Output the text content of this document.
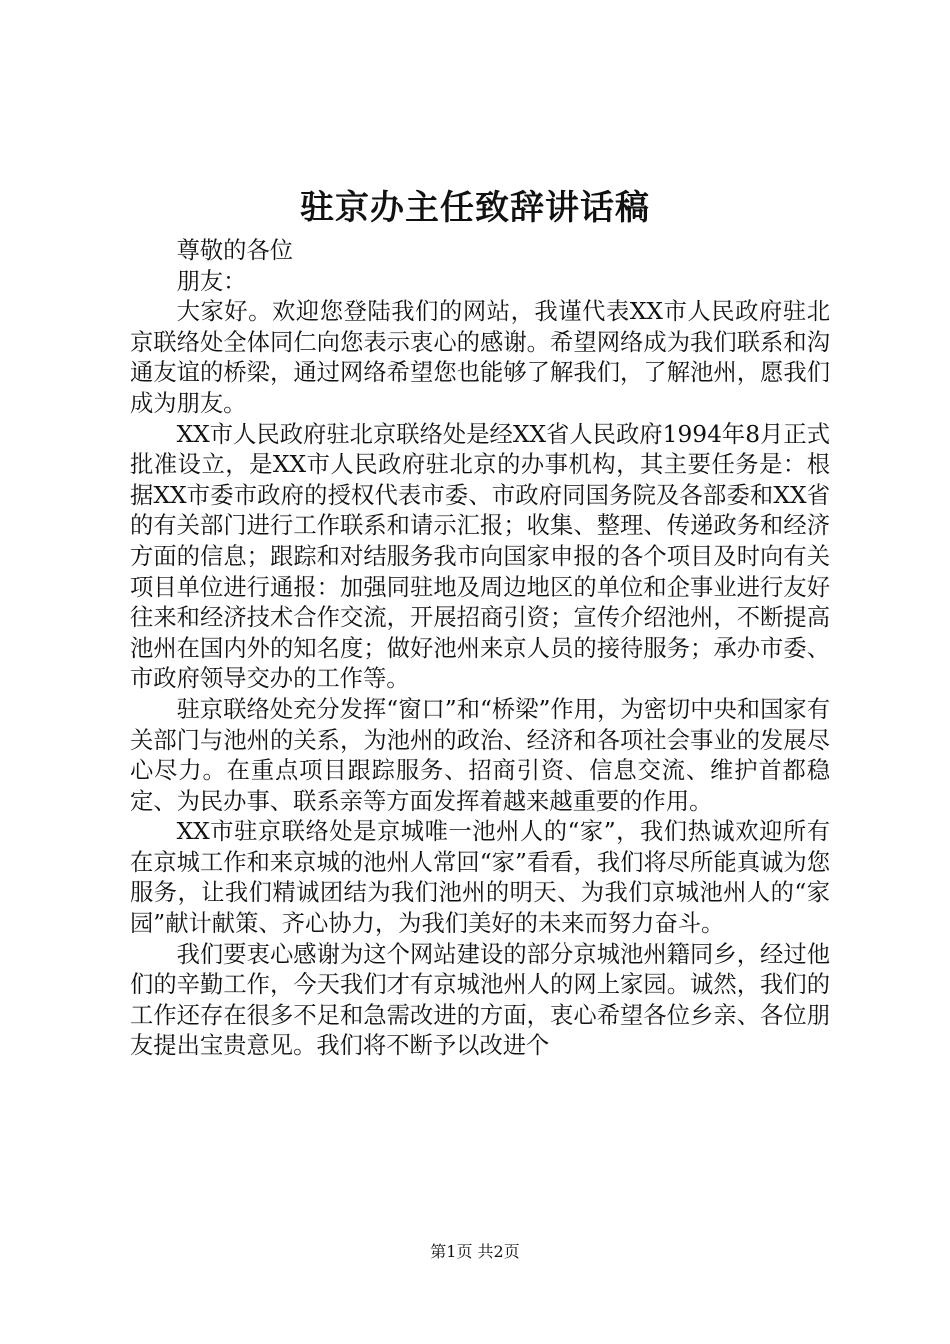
驻京办主任致辞讲话稿

尊敬的各位

朋友：

大家好。欢迎您登陆我们的网站，我谨代表XX市人民政府驻北京联络处全体同仁向您表示衷心的感谢。希望网络成为我们联系和沟通友谊的桥梁，通过网络希望您也能够了解我们，了解池州，愿我们成为朋友。

XX市人民政府驻北京联络处是经XX省人民政府1994年8月正式批准设立，是XX市人民政府驻北京的办事机构，其主要任务是：根据XX市委市政府的授权代表市委、市政府同国务院及各部委和XX省的有关部门进行工作联系和请示汇报；收集、整理、传递政务和经济方面的信息；跟踪和对结服务我市向国家申报的各个项目及时向有关项目单位进行通报：加强同驻地及周边地区的单位和企事业进行友好往来和经济技术合作交流，开展招商引资；宣传介绍池州，不断提高池州在国内外的知名度；做好池州来京人员的接待服务；承办市委、市政府领导交办的工作等。

驻京联络处充分发挥“窗口”和“桥梁”作用，为密切中央和国家有关部门与池州的关系，为池州的政治、经济和各项社会事业的发展尽心尽力。在重点项目跟踪服务、招商引资、信息交流、维护首都稳定、为民办事、联系亲等方面发挥着越来越重要的作用。

XX市驻京联络处是京城唯一池州人的“家”，我们热诚欢迎所有在京城工作和来京城的池州人常回“家”看看，我们将尽所能真诚为您服务，让我们精诚团结为我们池州的明天、为我们京城池州人的“家园”献计献策、齐心协力，为我们美好的未来而努力奋斗。

我们要衷心感谢为这个网站建设的部分京城池州籍同乡，经过他们的辛勤工作，今天我们才有京城池州人的网上家园。诚然，我们的工作还存在很多不足和急需改进的方面，衷心希望各位乡亲、各位朋友提出宝贵意见。我们将不断予以改进个

第1页 共2页
